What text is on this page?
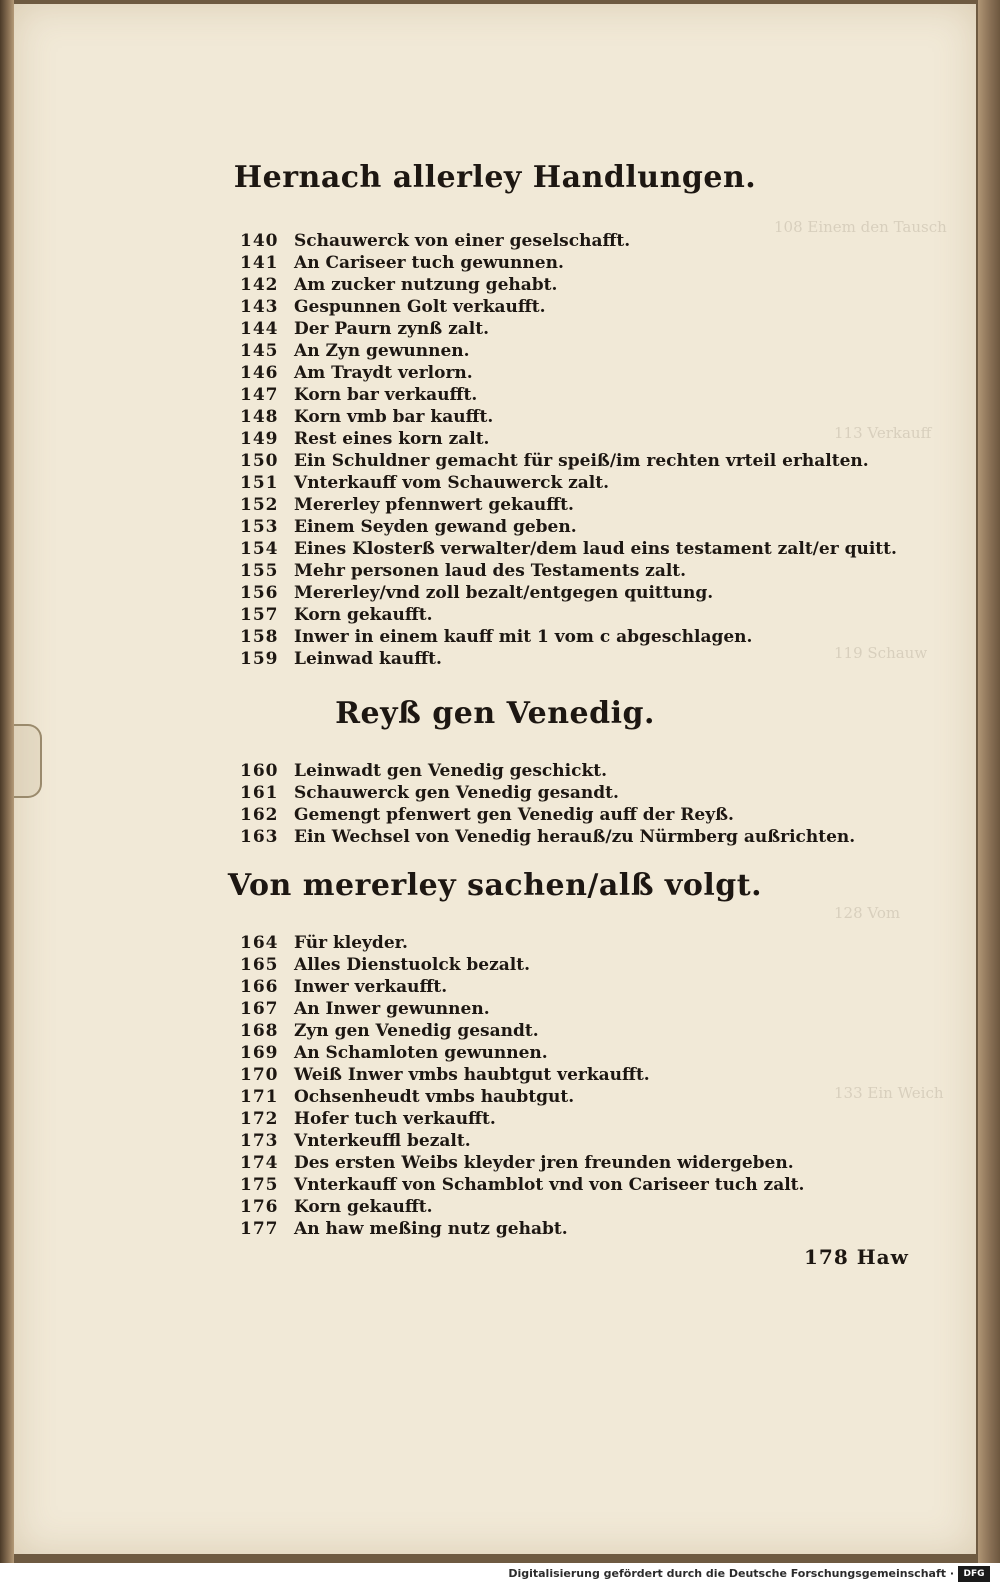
108 Einem den Tausch
113 Verkauff
119 Schauw
128 Vom
133 Ein Weich
Hernach allerley Handlungen.
140 Schauwerck von einer geselschafft.
141 An Cariseer tuch gewunnen.
142 Am zucker nutzung gehabt.
143 Gespunnen Golt verkaufft.
144 Der Paurn zynß zalt.
145 An Zyn gewunnen.
146 Am Traydt verlorn.
147 Korn bar verkaufft.
148 Korn vmb bar kaufft.
149 Rest eines korn zalt.
150 Ein Schuldner gemacht für speiß/im rechten vrteil erhalten.
151 Vnterkauff vom Schauwerck zalt.
152 Mererley pfennwert gekaufft.
153 Einem Seyden gewand geben.
154 Eines Klosterß verwalter/dem laud eins testament zalt/er quitt.
155 Mehr personen laud des Testaments zalt.
156 Mererley/vnd zoll bezalt/entgegen quittung.
157 Korn gekaufft.
158 Inwer in einem kauff mit 1 vom c abgeschlagen.
159 Leinwad kaufft.
Reyß gen Venedig.
160 Leinwadt gen Venedig geschickt.
161 Schauwerck gen Venedig gesandt.
162 Gemengt pfenwert gen Venedig auff der Reyß.
163 Ein Wechsel von Venedig herauß/zu Nürmberg außrichten.
Von mererley sachen/alß volgt.
164 Für kleyder.
165 Alles Dienstuolck bezalt.
166 Inwer verkaufft.
167 An Inwer gewunnen.
168 Zyn gen Venedig gesandt.
169 An Schamloten gewunnen.
170 Weiß Inwer vmbs haubtgut verkaufft.
171 Ochsenheudt vmbs haubtgut.
172 Hofer tuch verkaufft.
173 Vnterkeuffl bezalt.
174 Des ersten Weibs kleyder jren freunden widergeben.
175 Vnterkauff von Schamblot vnd von Cariseer tuch zalt.
176 Korn gekaufft.
177 An haw meßing nutz gehabt.
178 Haw
Digitalisierung gefördert durch die Deutsche Forschungsgemeinschaft ·	DFG
